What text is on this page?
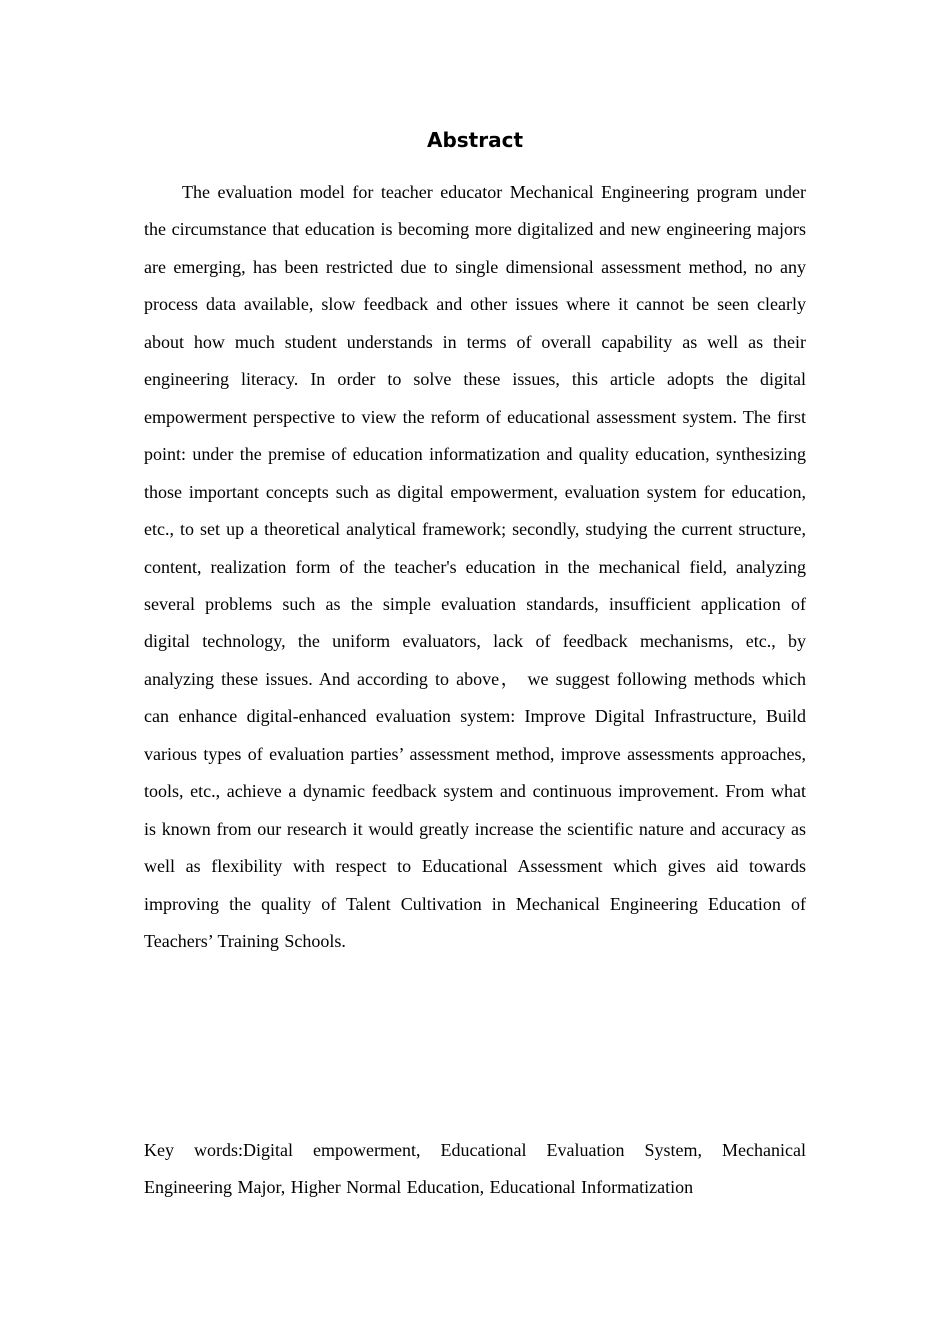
Abstract

The evaluation model for teacher educator Mechanical Engineering program under the circumstance that education is becoming more digitalized and new engineering majors are emerging, has been restricted due to single dimensional assessment method, no any process data available, slow feedback and other issues where it cannot be seen clearly about how much student understands in terms of overall capability as well as their engineering literacy. In order to solve these issues, this article adopts the digital empowerment perspective to view the reform of educational assessment system. The first point: under the premise of education informatization and quality education, synthesizing those important concepts such as digital empowerment, evaluation system for education, etc., to set up a theoretical analytical framework; secondly, studying the current structure, content, realization form of the teacher's education in the mechanical field, analyzing several problems such as the simple evaluation standards, insufficient application of digital technology, the uniform evaluators, lack of feedback mechanisms, etc., by analyzing these issues. And according to above， we suggest following methods which can enhance digital-enhanced evaluation system: Improve Digital Infrastructure, Build various types of evaluation parties’ assessment method, improve assessments approaches, tools, etc., achieve a dynamic feedback system and continuous improvement. From what is known from our research it would greatly increase the scientific nature and accuracy as well as flexibility with respect to Educational Assessment which gives aid towards improving the quality of Talent Cultivation in Mechanical Engineering Education of Teachers’ Training Schools.

Key words:Digital empowerment, Educational Evaluation System, Mechanical Engineering Major, Higher Normal Education, Educational Informatization
